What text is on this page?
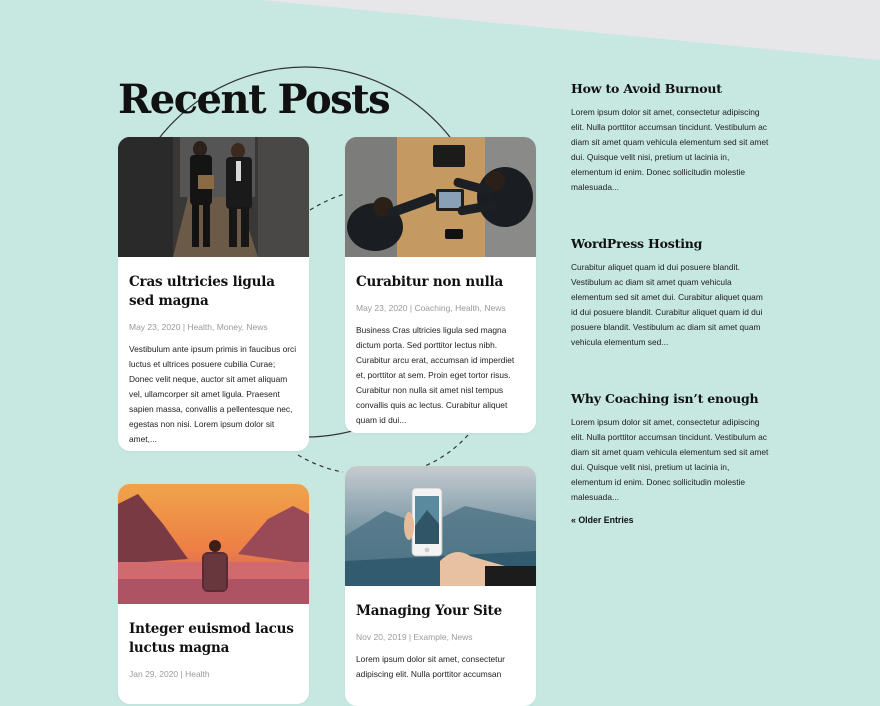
Recent Posts
Cras ultricies ligula sed magna

May 23, 2020 | Health, Money, News

Vestibulum ante ipsum primis in faucibus orci luctus et ultrices posuere cubilia Curae; Donec velit neque, auctor sit amet aliquam vel, ullamcorper sit amet ligula. Praesent sapien massa, convallis a pellentesque nec, egestas non nisi. Lorem ipsum dolor sit amet,...

Curabitur non nulla

May 23, 2020 | Coaching, Health, News

Business Cras ultricies ligula sed magna dictum porta. Sed porttitor lectus nibh. Curabitur arcu erat, accumsan id imperdiet et, porttitor at sem. Proin eget tortor risus. Curabitur non nulla sit amet nisl tempus convallis quis ac lectus. Curabitur aliquet quam id dui...

Integer euismod lacus luctus magna

Jan 29, 2020 | Health

Managing Your Site

Nov 20, 2019 | Example, News

Lorem ipsum dolor sit amet, consectetur adipiscing elit. Nulla porttitor accumsan

How to Avoid Burnout

Lorem ipsum dolor sit amet, consectetur adipiscing elit. Nulla porttitor accumsan tincidunt. Vestibulum ac diam sit amet quam vehicula elementum sed sit amet dui. Quisque velit nisi, pretium ut lacinia in, elementum id enim. Donec sollicitudin molestie malesuada...

WordPress Hosting

Curabitur aliquet quam id dui posuere blandit. Vestibulum ac diam sit amet quam vehicula elementum sed sit amet dui. Curabitur aliquet quam id dui posuere blandit. Curabitur aliquet quam id dui posuere blandit. Vestibulum ac diam sit amet quam vehicula elementum sed...

Why Coaching isn’t enough

Lorem ipsum dolor sit amet, consectetur adipiscing elit. Nulla porttitor accumsan tincidunt. Vestibulum ac diam sit amet quam vehicula elementum sed sit amet dui. Quisque velit nisi, pretium ut lacinia in, elementum id enim. Donec sollicitudin molestie malesuada...

« Older Entries
